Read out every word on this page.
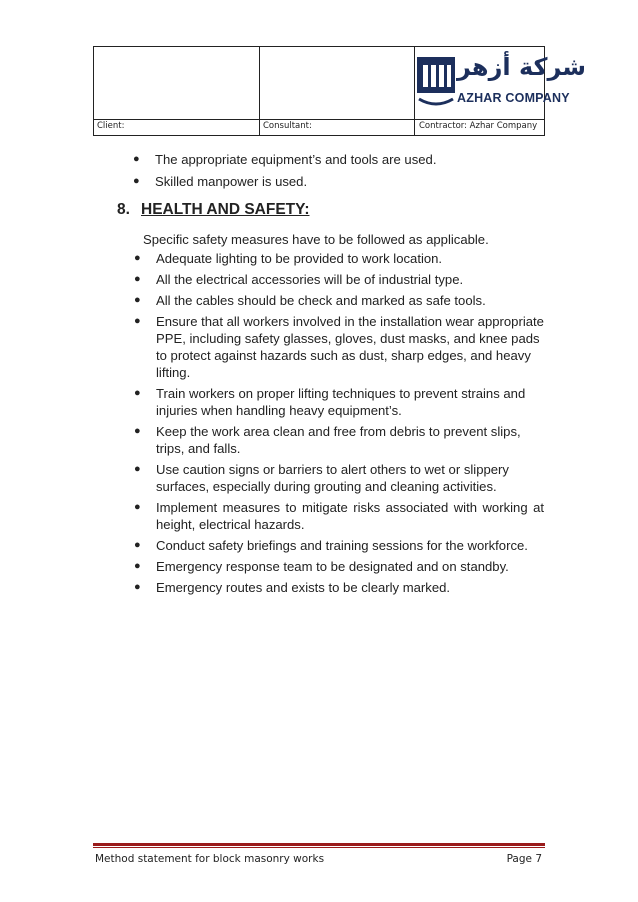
شركة أزهر
AZHAR COMPANY
Client:	Consultant:	Contractor: Azhar Company
● The appropriate equipment’s and tools are used.
● Skilled manpower is used.
8. HEALTH AND SAFETY:
Specific safety measures have to be followed as applicable.
● Adequate lighting to be provided to work location.
● All the electrical accessories will be of industrial type.
● All the cables should be check and marked as safe tools.
● Ensure that all workers involved in the installation wear appropriate PPE, including safety glasses, gloves, dust masks, and knee pads to protect against hazards such as dust, sharp edges, and heavy lifting.
● Train workers on proper lifting techniques to prevent strains and injuries when handling heavy equipment’s.
● Keep the work area clean and free from debris to prevent slips, trips, and falls.
● Use caution signs or barriers to alert others to wet or slippery surfaces, especially during grouting and cleaning activities.
● Implement measures to mitigate risks associated with working at height, electrical hazards.
● Conduct safety briefings and training sessions for the workforce.
● Emergency response team to be designated and on standby.
● Emergency routes and exists to be clearly marked.
Method statement for block masonry works	Page 7
